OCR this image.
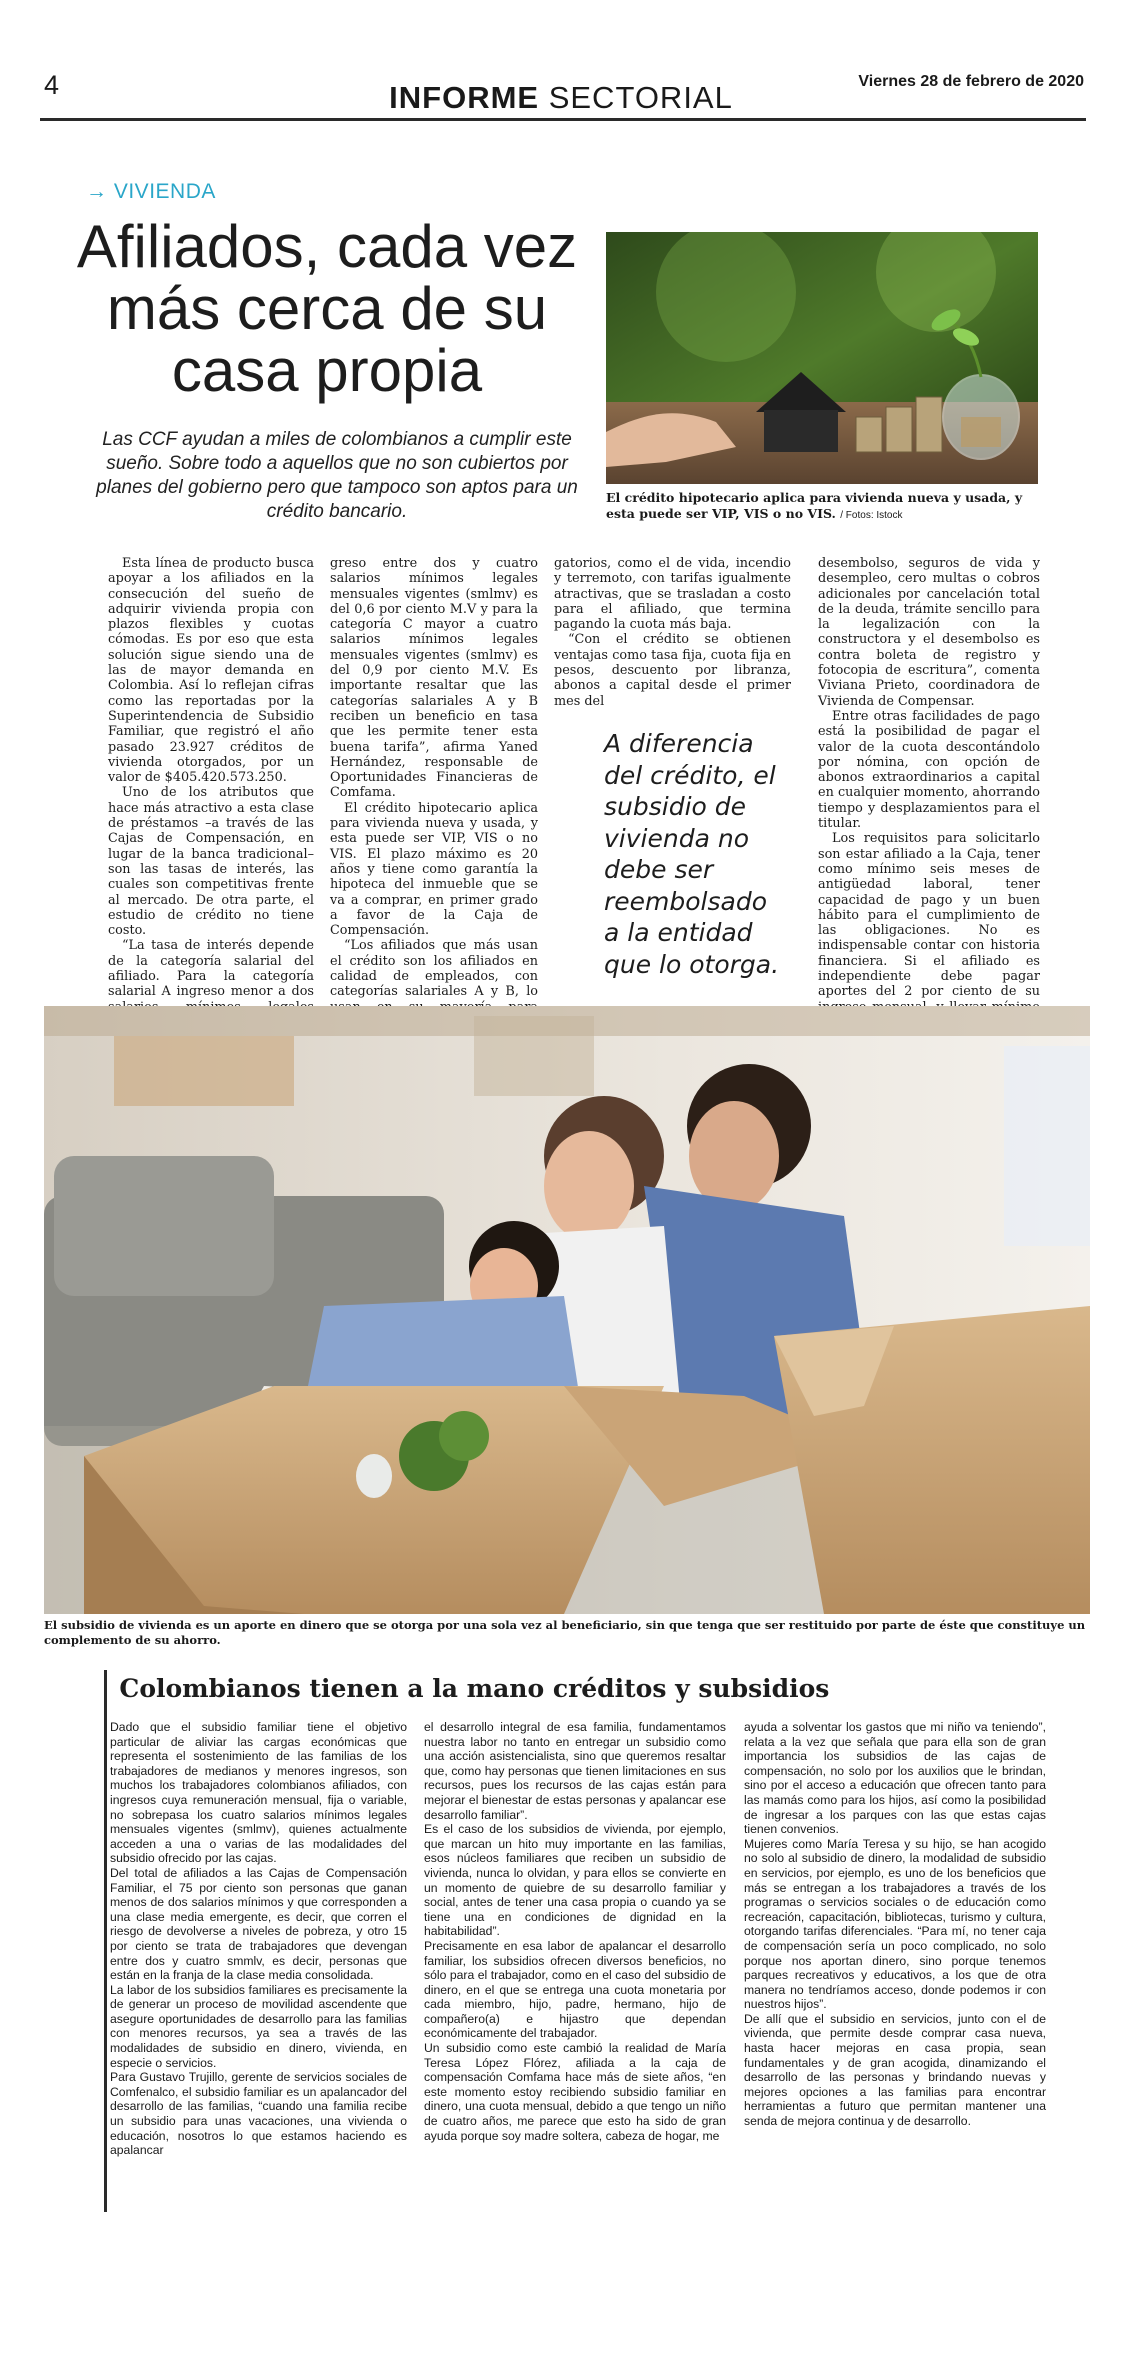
4	INFORME SECTORIAL	Viernes 28 de febrero de 2020
→ VIVIENDA
Afiliados, cada vez más cerca de su casa propia
Las CCF ayudan a miles de colombianos a cumplir este sueño. Sobre todo a aquellos que no son cubiertos por planes del gobierno pero que tampoco son aptos para un crédito bancario.
El crédito hipotecario aplica para vivienda nueva y usada, y esta puede ser VIP, VIS o no VIS. / Fotos: Istock

Esta línea de producto busca apoyar a los afiliados en la consecución del sueño de adquirir vivienda propia con plazos flexibles y cuotas cómodas. Es por eso que esta solución sigue siendo una de las de mayor demanda en Colombia. Así lo reflejan cifras como las reportadas por la Superintendencia de Subsidio Familiar, que registró el año pasado 23.927 créditos de vivienda otorgados, por un valor de $405.420.573.250.

Uno de los atributos que hace más atractivo a esta clase de préstamos –a través de las Cajas de Compensación, en lugar de la banca tradicional– son las tasas de interés, las cuales son competitivas frente al mercado. De otra parte, el estudio de crédito no tiene costo.

“La tasa de interés depende de la categoría salarial del afiliado. Para la categoría salarial A ingreso menor a dos

greso entre dos y cuatro salarios mínimos legales mensuales vigentes (smlmv) es del 0,6 por ciento M.V y para la categoría C mayor a cuatro salarios mínimos legales mensuales vigentes (smlmv) es del 0,9 por ciento M.V. Es importante resaltar que las categorías salariales A y B reciben un beneficio en tasa que les permite tener esta buena tarifa”, afirma Yaned Hernández, responsable de Oportunidades Financieras de Comfama.

El crédito hipotecario aplica para vivienda nueva y usada, y esta puede ser VIP, VIS o no VIS. El plazo máximo es 20 años y tiene como garantía la hipoteca del inmueble que se va a comprar, en primer grado a favor de la Caja de Compensación.

“Los afiliados que más usan el crédito son los afiliados en calidad de empleados, con categorías salariales A y B, lo

gatorios, como el de vida, incendio y terremoto, con tarifas igualmente atractivas, que se trasladan a costo para el afiliado, que termina pagando la cuota más baja.

“Con el crédito se obtienen ventajas como tasa fija, cuota fija en pesos, descuento por libranza, abonos a capital desde el primer mes del

A diferencia del crédito, el subsidio de vivienda no debe ser reembolsado a la entidad que lo otorga.

desembolso, seguros de vida y desempleo, cero multas o cobros adicionales por cancelación total de la deuda, trámite sencillo para la legalización con la constructora y el desembolso es contra boleta de registro y fotocopia de escritura”, comenta Viviana Prieto, coordinadora de Vivienda de Compensar.

Entre otras facilidades de pago está la posibilidad de pagar el valor de la cuota descontándolo por nómina, con opción de abonos extraordinarios a capital en cualquier momento, ahorrando tiempo y desplazamientos para el titular.

Los requisitos para solicitarlo son estar afiliado a la Caja, tener como mínimo seis meses de antigüedad laboral, tener capacidad de pago y un buen hábito para el cumplimiento de las obligaciones. No es indispensable contar con historia financiera. Si el afiliado es independiente debe pagar aportes del 2 por ciento de su

El subsidio de vivienda es un aporte en dinero que se otorga por una sola vez al beneficiario, sin que tenga que ser restituido por parte de éste que constituye un complemento de su ahorro.
Colombianos tienen a la mano créditos y subsidios

Dado que el subsidio familiar tiene el objetivo particular de aliviar las cargas económicas que representa el sostenimiento de las familias de los trabajadores de medianos y menores ingresos, son muchos los trabajadores colombianos afiliados, con ingresos cuya remuneración mensual, fija o variable, no sobrepasa los cuatro salarios mínimos legales mensuales vigentes (smlmv), quienes actualmente acceden a una o varias de las modalidades del subsidio ofrecido por las cajas.

Del total de afiliados a las Cajas de Compensación Familiar, el 75 por ciento son personas que ganan menos de dos salarios mínimos y que corresponden a una clase media emergente, es decir, que corren el riesgo de devolverse a niveles de pobreza, y otro 15 por ciento se trata de trabajadores que devengan entre dos y cuatro smmlv, es decir, personas que están en la franja de la clase media consolidada.

La labor de los subsidios familiares es precisamente la de generar un proceso de movilidad ascendente que asegure oportunidades de desarrollo para las familias con menores recursos, ya sea a través de las modalidades de subsidio en dinero, vivienda, en especie o servicios.

Para Gustavo Trujillo, gerente de servicios sociales de Comfenalco, el subsidio familiar es un apalancador del desarrollo de las familias, “cuando una familia recibe un subsidio para unas vacaciones, una vivienda o educación, nosotros lo que estamos haciendo es apalancar

el desarrollo integral de esa familia, fundamentamos nuestra labor no tanto en entregar un subsidio como una acción asistencialista, sino que queremos resaltar que, como hay personas que tienen limitaciones en sus recursos, pues los recursos de las cajas están para mejorar el bienestar de estas personas y apalancar ese desarrollo familiar”.

Es el caso de los subsidios de vivienda, por ejemplo, que marcan un hito muy importante en las familias, esos núcleos familiares que reciben un subsidio de vivienda, nunca lo olvidan, y para ellos se convierte en un momento de quiebre de su desarrollo familiar y social, antes de tener una casa propia o cuando ya se tiene una en condiciones de dignidad en la habitabilidad”.

Precisamente en esa labor de apalancar el desarrollo familiar, los subsidios ofrecen diversos beneficios, no sólo para el trabajador, como en el caso del subsidio de dinero, en el que se entrega una cuota monetaria por cada miembro, hijo, padre, hermano, hijo de compañero(a) e hijastro que dependan económicamente del trabajador.

Un subsidio como este cambió la realidad de María Teresa López Flórez, afiliada a la caja de compensación Comfama hace más de siete años, “en este momento estoy recibiendo subsidio familiar en dinero, una cuota mensual, debido a que tengo un niño de cuatro años, me parece que esto ha sido de gran ayuda porque soy madre soltera, cabeza de hogar, me

ayuda a solventar los gastos que mi niño va teniendo”, relata a la vez que señala que para ella son de gran importancia los subsidios de las cajas de compensación, no solo por los auxilios que le brindan, sino por el acceso a educación que ofrecen tanto para las mamás como para los hijos, así como la posibilidad de ingresar a los parques con las que estas cajas tienen convenios.

Mujeres como María Teresa y su hijo, se han acogido no solo al subsidio de dinero, la modalidad de subsidio en servicios, por ejemplo, es uno de los beneficios que más se entregan a los trabajadores a través de los programas o servicios sociales o de educación como recreación, capacitación, bibliotecas, turismo y cultura, otorgando tarifas diferenciales. “Para mí, no tener caja de compensación sería un poco complicado, no solo porque nos aportan dinero, sino porque tenemos parques recreativos y educativos, a los que de otra manera no tendríamos acceso, donde podemos ir con nuestros hijos”.

De allí que el subsidio en servicios, junto con el de vivienda, que permite desde comprar casa nueva, hasta hacer mejoras en casa propia, sean fundamentales y de gran acogida, dinamizando el desarrollo de las personas y brindando nuevas y mejores opciones a las familias para encontrar herramientas a futuro que permitan mantener una senda de mejora continua y de desarrollo.
